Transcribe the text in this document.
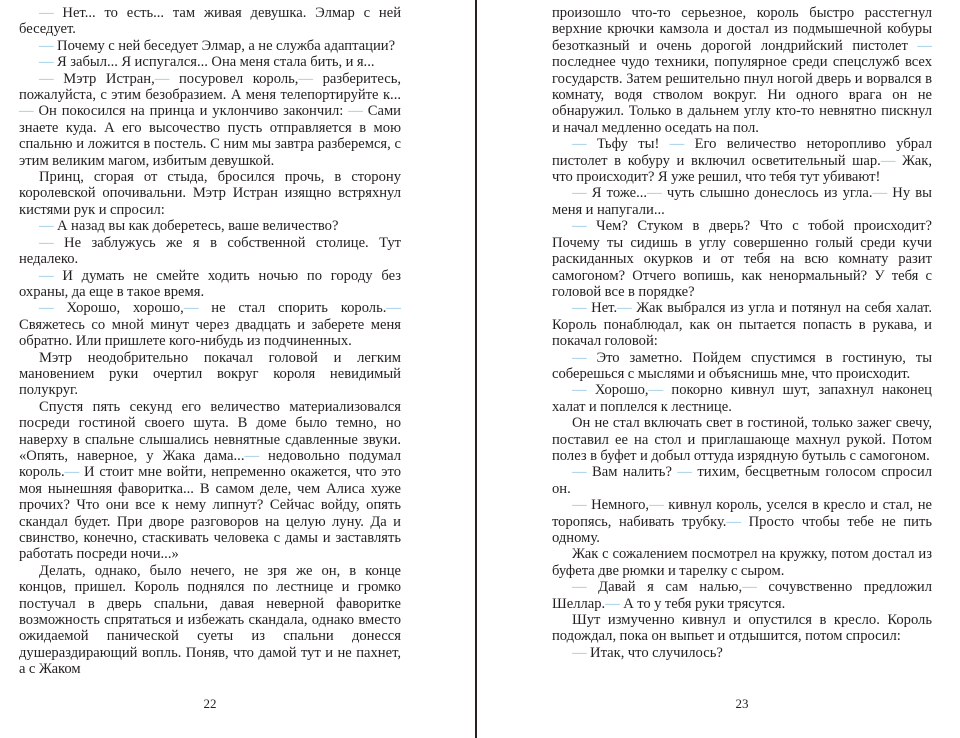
— Нет... то есть... там живая девушка. Элмар с ней беседует.

— Почему с ней беседует Элмар, а не служба адаптации?

— Я забыл... Я испугался... Она меня стала бить, и я...

— Мэтр Истран,— посуровел король,— разберитесь, пожалуйста, с этим безобразием. А меня телепортируйте к...— Он покосился на принца и уклончиво закончил: — Сами знаете куда. А его высочество пусть отправляется в мою спальню и ложится в постель. С ним мы завтра разберемся, с этим великим магом, избитым девушкой.

Принц, сгорая от стыда, бросился прочь, в сторону королевской опочивальни. Мэтр Истран изящно встряхнул кистями рук и спросил:

— А назад вы как доберетесь, ваше величество?

— Не заблужусь же я в собственной столице. Тут недалеко.

— И думать не смейте ходить ночью по городу без охраны, да еще в такое время.

— Хорошо, хорошо,— не стал спорить король.— Свяжетесь со мной минут через двадцать и заберете меня обратно. Или пришлете кого-нибудь из подчиненных.

Мэтр неодобрительно покачал головой и легким мановением руки очертил вокруг короля невидимый полукруг.

Спустя пять секунд его величество материализовался посреди гостиной своего шута. В доме было темно, но наверху в спальне слышались невнятные сдавленные звуки. «Опять, наверное, у Жака дама...— недовольно подумал король.— И стоит мне войти, непременно окажется, что это моя нынешняя фаворитка... В самом деле, чем Алиса хуже прочих? Что они все к нему липнут? Сейчас войду, опять скандал будет. При дворе разговоров на целую луну. Да и свинство, конечно, стаскивать человека с дамы и заставлять работать посреди ночи...»

Делать, однако, было нечего, не зря же он, в конце концов, пришел. Король поднялся по лестнице и громко постучал в дверь спальни, давая неверной фаворитке возможность спрятаться и избежать скандала, однако вместо ожидаемой панической суеты из спальни донесся душераздирающий вопль. Поняв, что дамой тут и не пахнет, а с Жаком

22

произошло что-то серьезное, король быстро расстегнул верхние крючки камзола и достал из подмышечной кобуры безотказный и очень дорогой лондрийский пистолет — последнее чудо техники, популярное среди спецслужб всех государств. Затем решительно пнул ногой дверь и ворвался в комнату, водя стволом вокруг. Ни одного врага он не обнаружил. Только в дальнем углу кто-то невнятно пискнул и начал медленно оседать на пол.

— Тьфу ты! — Его величество неторопливо убрал пистолет в кобуру и включил осветительный шар.— Жак, что происходит? Я уже решил, что тебя тут убивают!

— Я тоже...— чуть слышно донеслось из угла.— Ну вы меня и напугали...

— Чем? Стуком в дверь? Что с тобой происходит? Почему ты сидишь в углу совершенно голый среди кучи раскиданных окурков и от тебя на всю комнату разит самогоном? Отчего вопишь, как ненормальный? У тебя с головой все в порядке?

— Нет.— Жак выбрался из угла и потянул на себя халат. Король понаблюдал, как он пытается попасть в рукава, и покачал головой:

— Это заметно. Пойдем спустимся в гостиную, ты соберешься с мыслями и объяснишь мне, что происходит.

— Хорошо,— покорно кивнул шут, запахнул наконец халат и поплелся к лестнице.

Он не стал включать свет в гостиной, только зажег свечу, поставил ее на стол и приглашающе махнул рукой. Потом полез в буфет и добыл оттуда изрядную бутыль с самогоном.

— Вам налить? — тихим, бесцветным голосом спросил он.

— Немного,— кивнул король, уселся в кресло и стал, не торопясь, набивать трубку.— Просто чтобы тебе не пить одному.

Жак с сожалением посмотрел на кружку, потом достал из буфета две рюмки и тарелку с сыром.

— Давай я сам налью,— сочувственно предложил Шеллар.— А то у тебя руки трясутся.

Шут измученно кивнул и опустился в кресло. Король подождал, пока он выпьет и отдышится, потом спросил:

— Итак, что случилось?

23
